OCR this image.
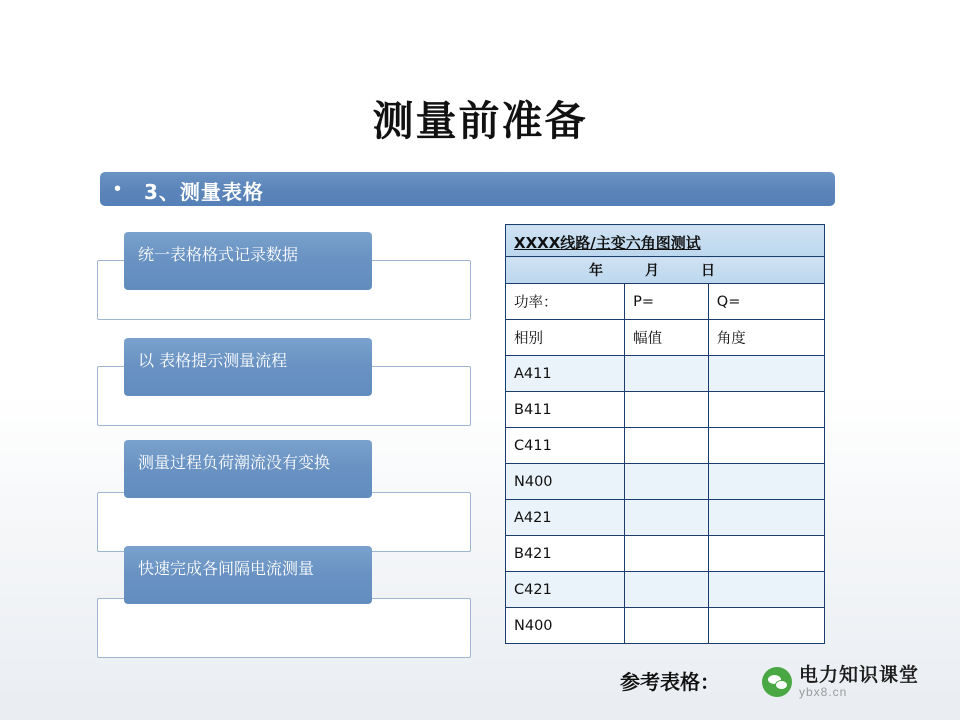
测量前准备
• 3、测量表格
统一表格格式记录数据
以 表格提示测量流程
测量过程负荷潮流没有变换
快速完成各间隔电流测量
XXXX线路/主变六角图测试		

年 月 日		

功率：	P=	Q=
相别	幅值	角度
A411		
B411		
C411		
N400		
A421		
B421		
C421		
N400		
参考表格：	电力知识课堂
ybx8.cn
